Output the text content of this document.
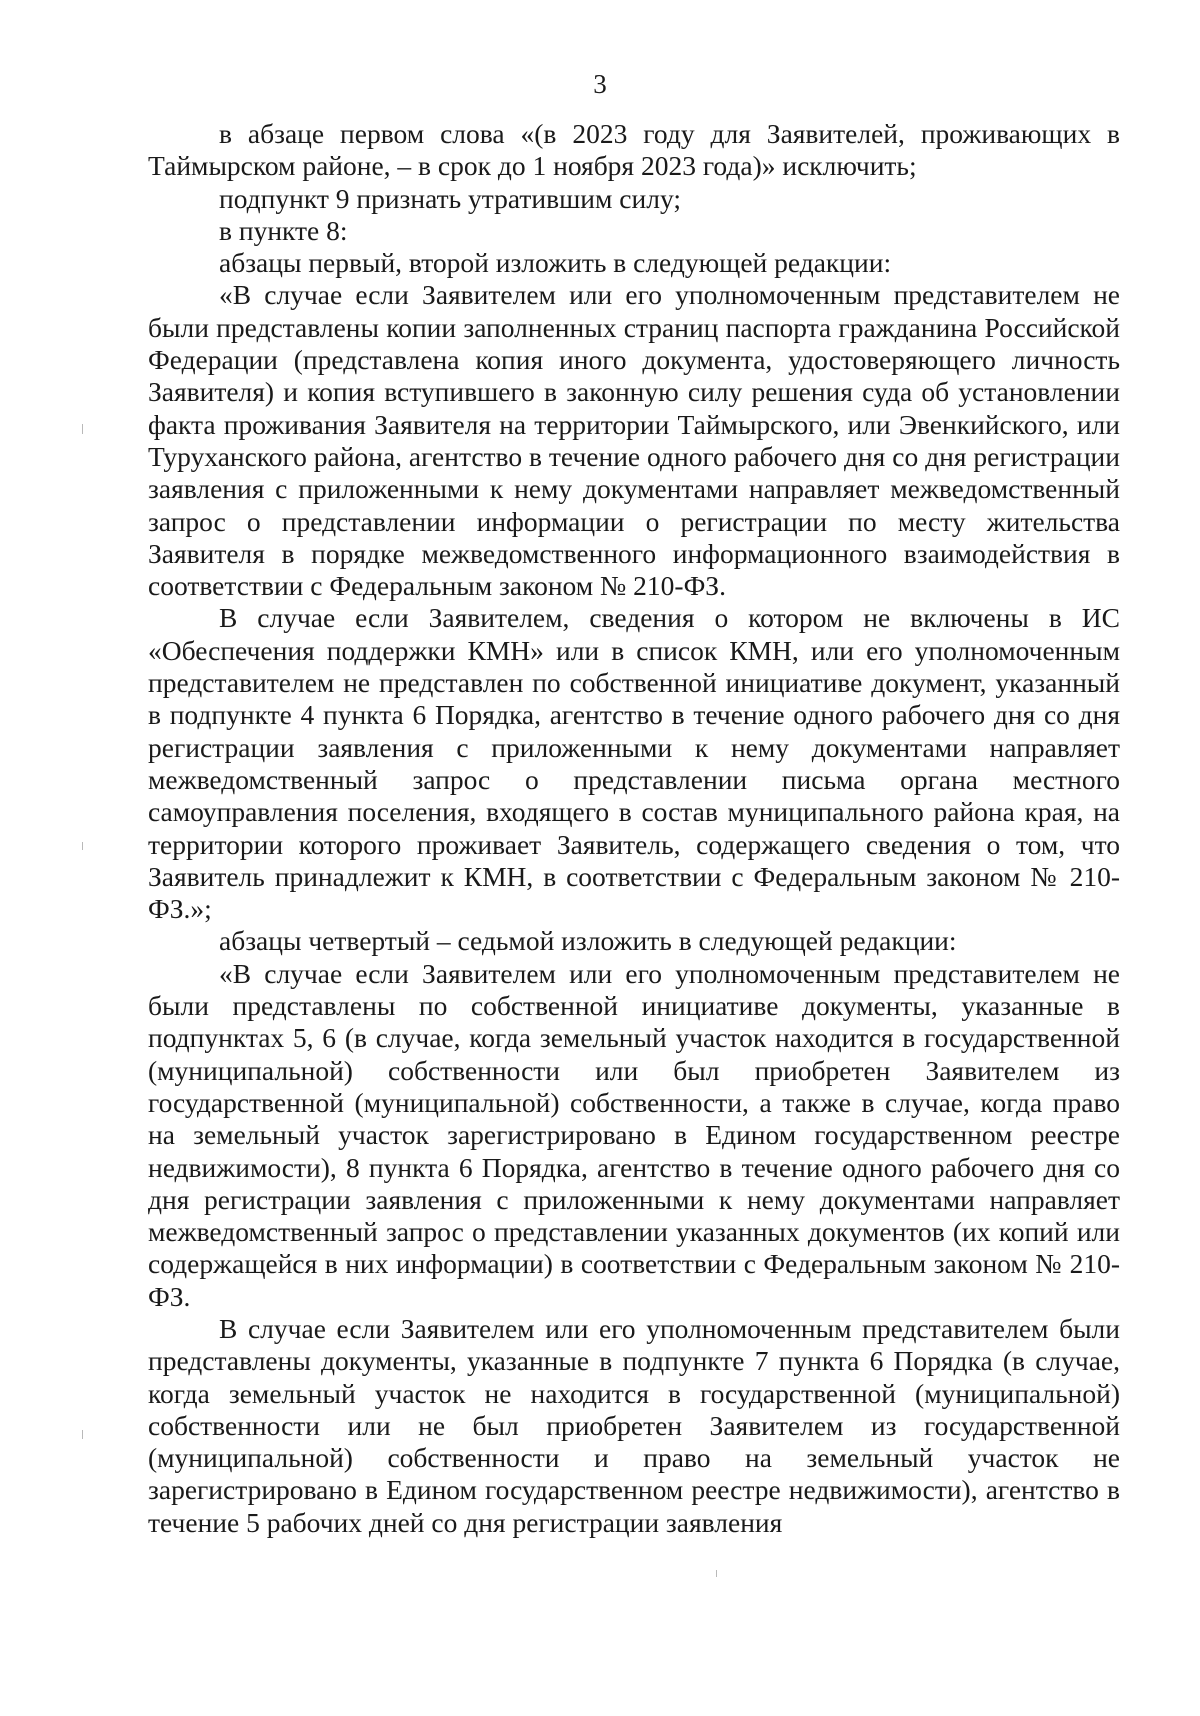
3

в абзаце первом слова «(в 2023 году для Заявителей, проживающих в Таймырском районе, – в срок до 1 ноября 2023 года)» исключить;

подпункт 9 признать утратившим силу;

в пункте 8:

абзацы первый, второй изложить в следующей редакции:

«В случае если Заявителем или его уполномоченным представителем не были представлены копии заполненных страниц паспорта гражданина Российской Федерации (представлена копия иного документа, удостоверяющего личность Заявителя) и копия вступившего в законную силу решения суда об установлении факта проживания Заявителя на территории Таймырского, или Эвенкийского, или Туруханского района, агентство в течение одного рабочего дня со дня регистрации заявления с приложенными к нему документами направляет межведомственный запрос о представлении информации о регистрации по месту жительства Заявителя в порядке межведомственного информационного взаимодействия в соответствии с Федеральным законом № 210-ФЗ.

В случае если Заявителем, сведения о котором не включены в ИС «Обеспечения поддержки КМН» или в список КМН, или его уполномоченным представителем не представлен по собственной инициативе документ, указанный в подпункте 4 пункта 6 Порядка, агентство в течение одного рабочего дня со дня регистрации заявления с приложенными к нему документами направляет межведомственный запрос о представлении письма органа местного самоуправления поселения, входящего в состав муниципального района края, на территории которого проживает Заявитель, содержащего сведения о том, что Заявитель принадлежит к КМН, в соответствии с Федеральным законом № 210-ФЗ.»;

абзацы четвертый – седьмой изложить в следующей редакции:

«В случае если Заявителем или его уполномоченным представителем не были представлены по собственной инициативе документы, указанные в подпунктах 5, 6 (в случае, когда земельный участок находится в государственной (муниципальной) собственности или был приобретен Заявителем из государственной (муниципальной) собственности, а также в случае, когда право на земельный участок зарегистрировано в Едином государственном реестре недвижимости), 8 пункта 6 Порядка, агентство в течение одного рабочего дня со дня регистрации заявления с приложенными к нему документами направляет межведомственный запрос о представлении указанных документов (их копий или содержащейся в них информации) в соответствии с Федеральным законом № 210-ФЗ.

В случае если Заявителем или его уполномоченным представителем были представлены документы, указанные в подпункте 7 пункта 6 Порядка (в случае, когда земельный участок не находится в государственной (муниципальной) собственности или не был приобретен Заявителем из государственной (муниципальной) собственности и право на земельный участок не зарегистрировано в Едином государственном реестре недвижимости), агентство в течение 5 рабочих дней со дня регистрации заявления
